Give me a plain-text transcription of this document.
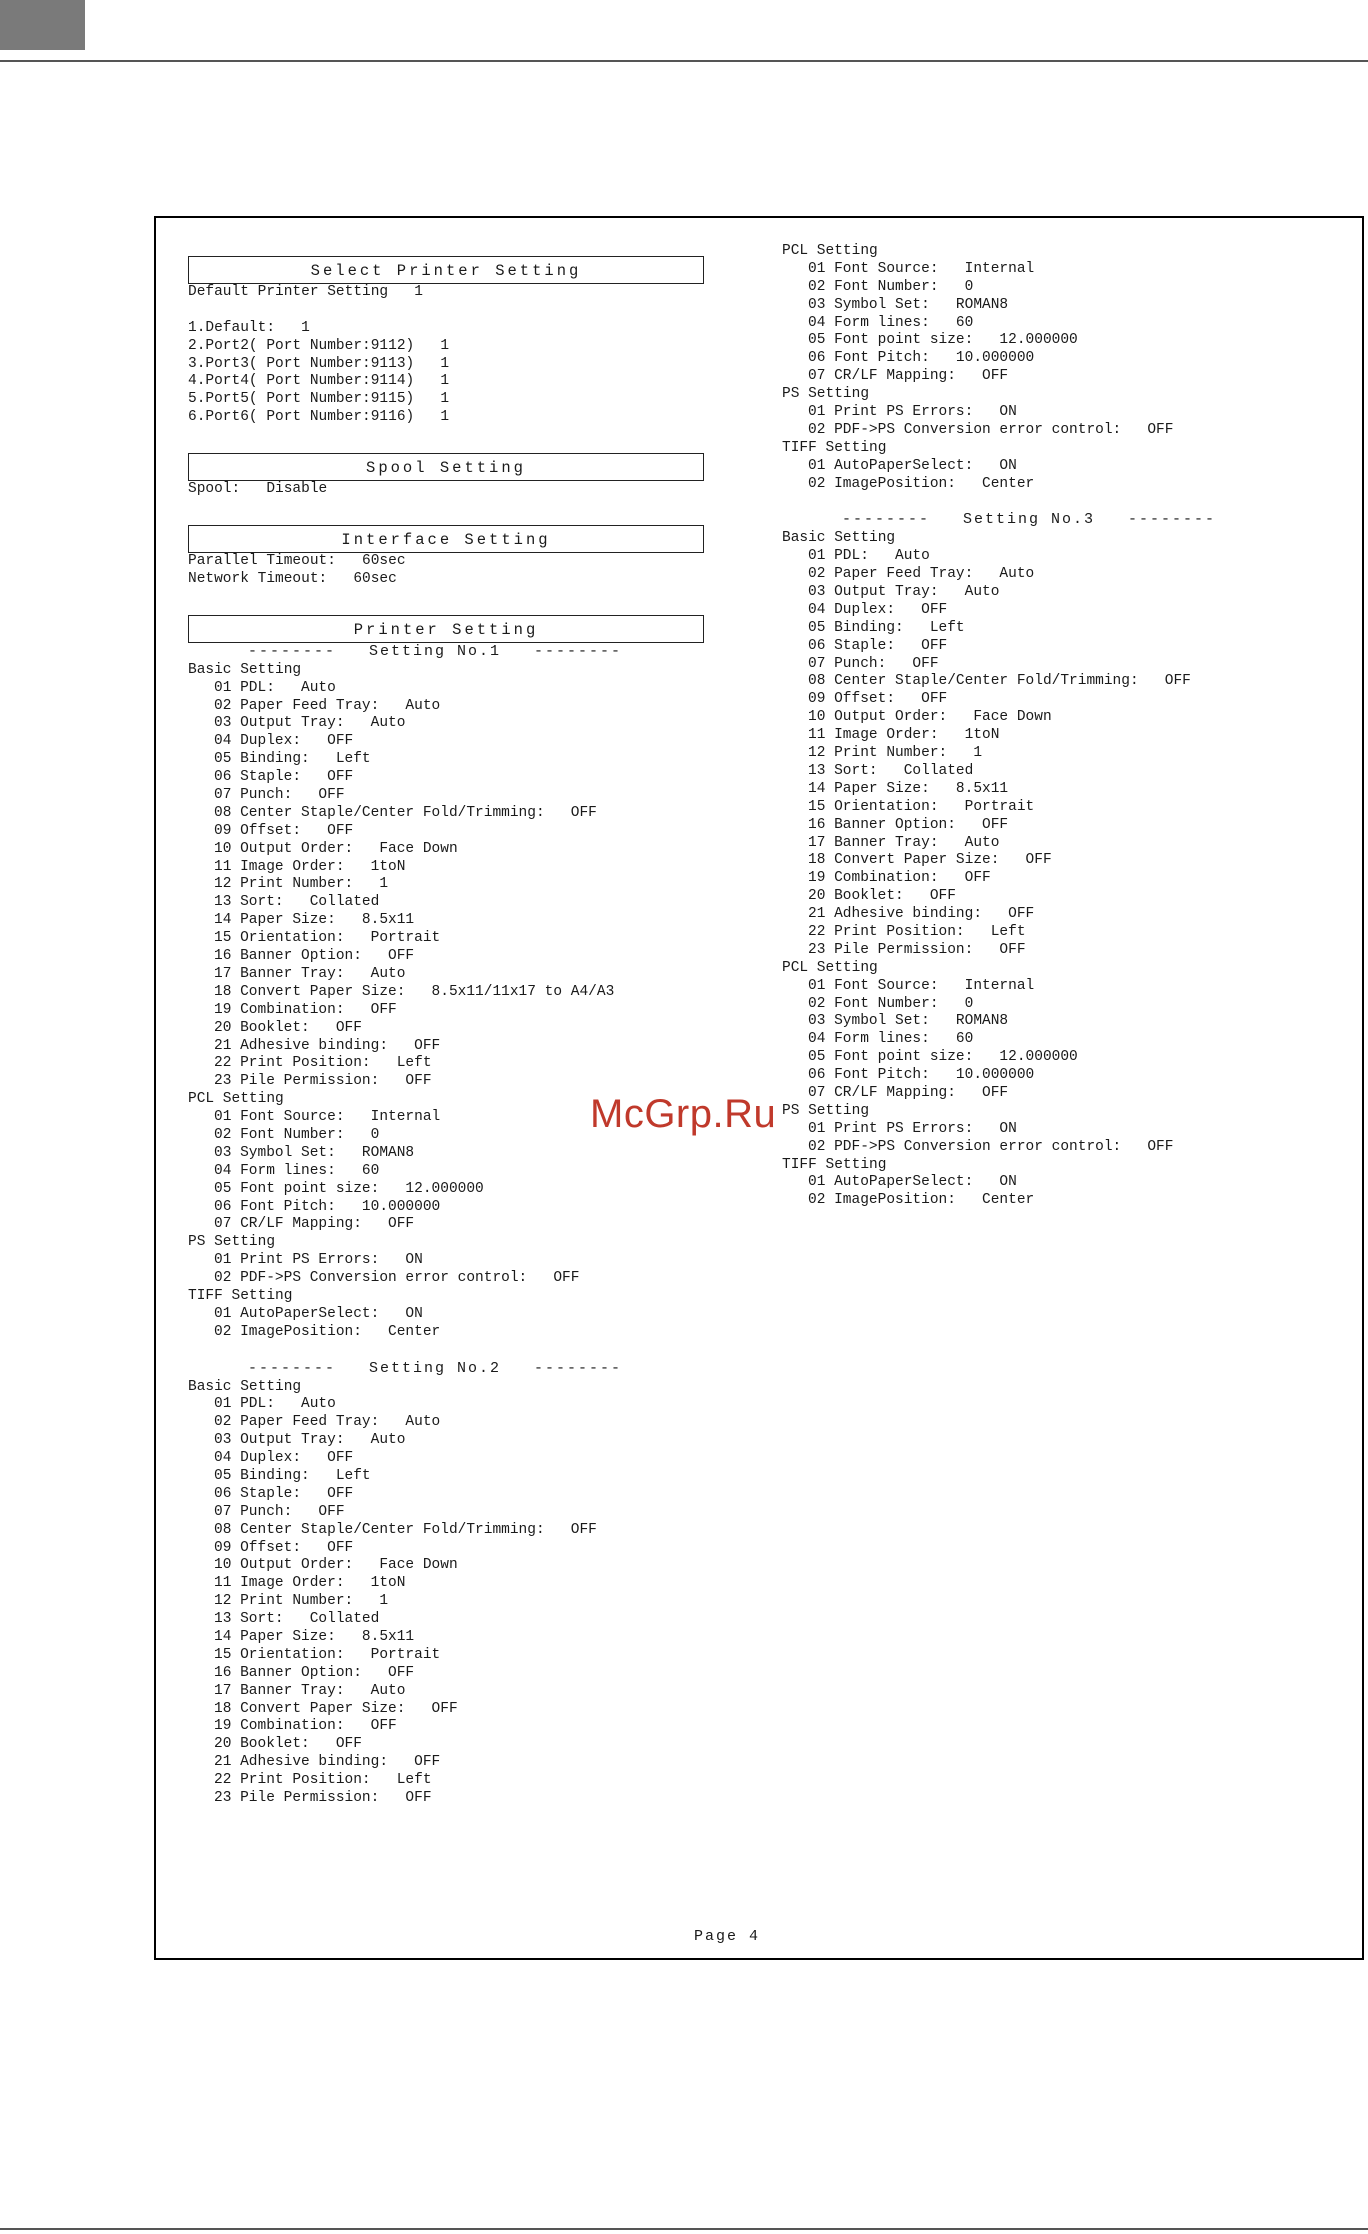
Select Printer Setting
Default Printer Setting   1
1.Default:   1
2.Port2( Port Number:9112)   1
3.Port3( Port Number:9113)   1
4.Port4( Port Number:9114)   1
5.Port5( Port Number:9115)   1
6.Port6( Port Number:9116)   1
Spool Setting
Spool:   Disable
Interface Setting
Parallel Timeout:   60sec
Network Timeout:   60sec
Printer Setting
--------   Setting No.1   --------
Basic Setting
01 PDL:   Auto
02 Paper Feed Tray:   Auto
03 Output Tray:   Auto
04 Duplex:   OFF
05 Binding:   Left
06 Staple:   OFF
07 Punch:   OFF
08 Center Staple/Center Fold/Trimming:   OFF
09 Offset:   OFF
10 Output Order:   Face Down
11 Image Order:   1toN
12 Print Number:   1
13 Sort:   Collated
14 Paper Size:   8.5x11
15 Orientation:   Portrait
16 Banner Option:   OFF
17 Banner Tray:   Auto
18 Convert Paper Size:   8.5x11/11x17 to A4/A3
19 Combination:   OFF
20 Booklet:   OFF
21 Adhesive binding:   OFF
22 Print Position:   Left
23 Pile Permission:   OFF
PCL Setting
01 Font Source:   Internal
02 Font Number:   0
03 Symbol Set:   ROMAN8
04 Form lines:   60
05 Font point size:   12.000000
06 Font Pitch:   10.000000
07 CR/LF Mapping:   OFF
PS Setting
01 Print PS Errors:   ON
02 PDF->PS Conversion error control:   OFF
TIFF Setting
01 AutoPaperSelect:   ON
02 ImagePosition:   Center
--------   Setting No.2   --------
Basic Setting
01 PDL:   Auto
02 Paper Feed Tray:   Auto
03 Output Tray:   Auto
04 Duplex:   OFF
05 Binding:   Left
06 Staple:   OFF
07 Punch:   OFF
08 Center Staple/Center Fold/Trimming:   OFF
09 Offset:   OFF
10 Output Order:   Face Down
11 Image Order:   1toN
12 Print Number:   1
13 Sort:   Collated
14 Paper Size:   8.5x11
15 Orientation:   Portrait
16 Banner Option:   OFF
17 Banner Tray:   Auto
18 Convert Paper Size:   OFF
19 Combination:   OFF
20 Booklet:   OFF
21 Adhesive binding:   OFF
22 Print Position:   Left
23 Pile Permission:   OFF
PCL Setting
01 Font Source:   Internal
02 Font Number:   0
03 Symbol Set:   ROMAN8
04 Form lines:   60
05 Font point size:   12.000000
06 Font Pitch:   10.000000
07 CR/LF Mapping:   OFF
PS Setting
01 Print PS Errors:   ON
02 PDF->PS Conversion error control:   OFF
TIFF Setting
01 AutoPaperSelect:   ON
02 ImagePosition:   Center
--------   Setting No.3   --------
Basic Setting
01 PDL:   Auto
02 Paper Feed Tray:   Auto
03 Output Tray:   Auto
04 Duplex:   OFF
05 Binding:   Left
06 Staple:   OFF
07 Punch:   OFF
08 Center Staple/Center Fold/Trimming:   OFF
09 Offset:   OFF
10 Output Order:   Face Down
11 Image Order:   1toN
12 Print Number:   1
13 Sort:   Collated
14 Paper Size:   8.5x11
15 Orientation:   Portrait
16 Banner Option:   OFF
17 Banner Tray:   Auto
18 Convert Paper Size:   OFF
19 Combination:   OFF
20 Booklet:   OFF
21 Adhesive binding:   OFF
22 Print Position:   Left
23 Pile Permission:   OFF
PCL Setting
01 Font Source:   Internal
02 Font Number:   0
03 Symbol Set:   ROMAN8
04 Form lines:   60
05 Font point size:   12.000000
06 Font Pitch:   10.000000
07 CR/LF Mapping:   OFF
PS Setting
01 Print PS Errors:   ON
02 PDF->PS Conversion error control:   OFF
TIFF Setting
01 AutoPaperSelect:   ON
02 ImagePosition:   Center
McGrp.Ru
Page 4
